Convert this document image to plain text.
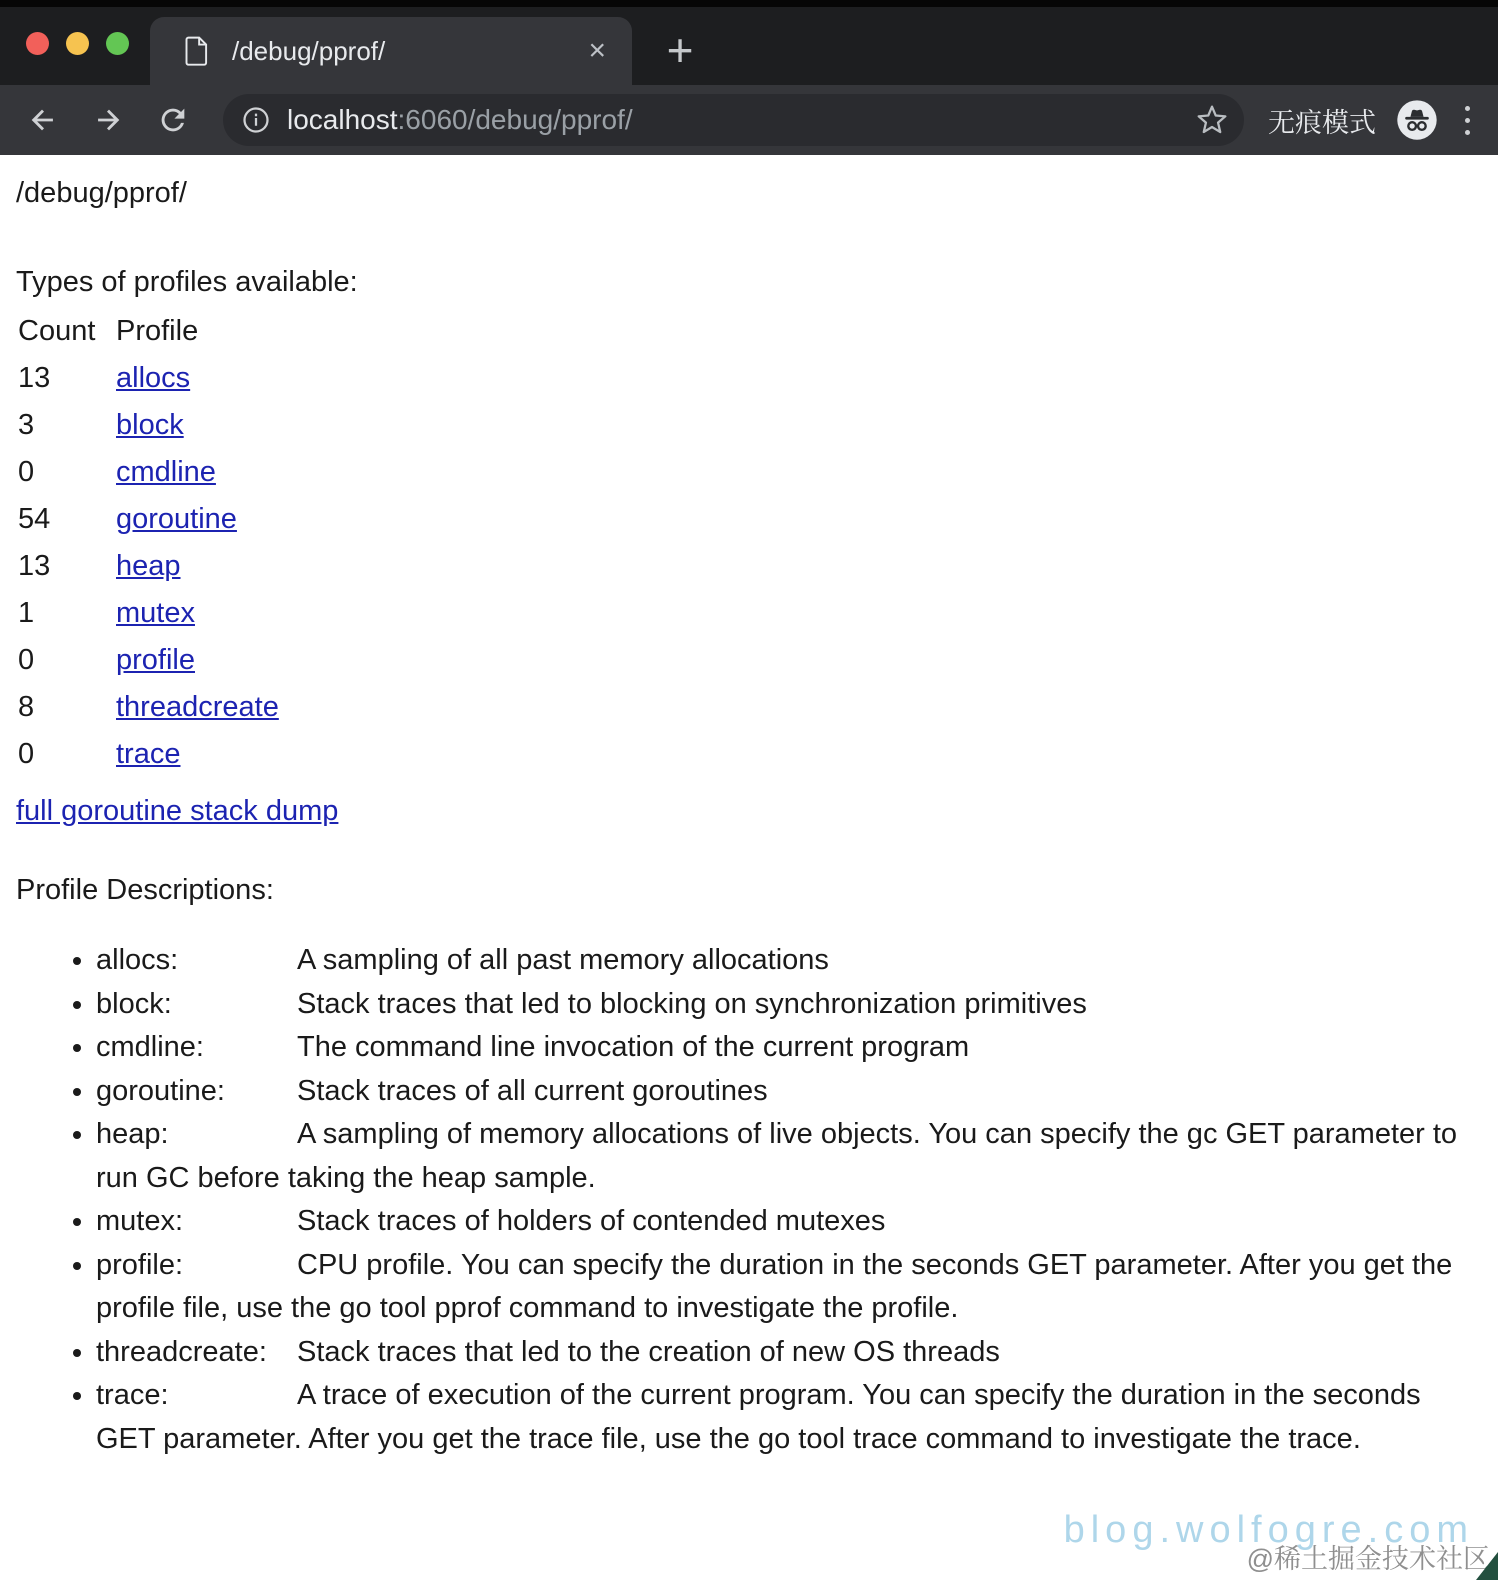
/debug/pprof/	×	+
localhost :6060/debug/pprof/	无痕模式

/debug/pprof/

Types of profiles available:

Count	Profile
13	allocs
3	block
0	cmdline
54	goroutine
13	heap
1	mutex
0	profile
8	threadcreate
0	trace

full goroutine stack dump

Profile Descriptions:

• allocs:	A sampling of all past memory allocations
• block:	Stack traces that led to blocking on synchronization primitives
• cmdline:	The command line invocation of the current program
• goroutine: Stack traces of all current goroutines
• heap:	A sampling of memory allocations of live objects. You can specify the gc GET parameter to run GC before taking the heap sample.
• mutex:	Stack traces of holders of contended mutexes
• profile:	CPU profile. You can specify the duration in the seconds GET parameter. After you get the profile file, use the go tool pprof command to investigate the profile.
• threadcreate: Stack traces that led to the creation of new OS threads
• trace:	A trace of execution of the current program. You can specify the duration in the seconds GET parameter. After you get the trace file, use the go tool trace command to investigate the trace.
blog.wolfogre.com
@稀土掘金技术社区
